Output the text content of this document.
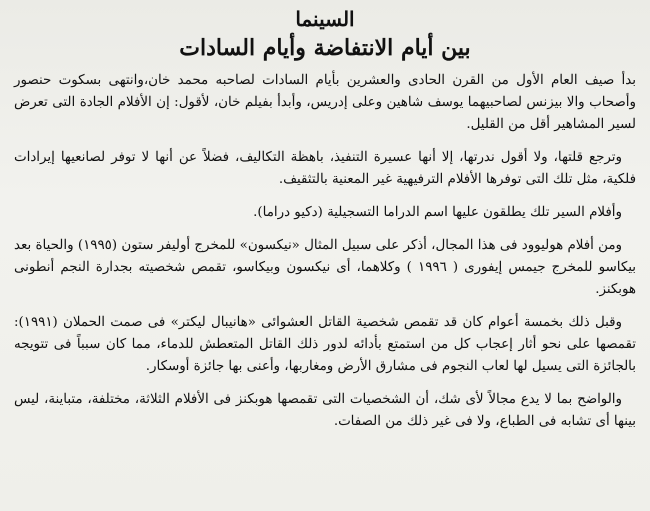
السينما
بين أيام الانتفاضة وأيام السادات

بدأ صيف العام الأول من القرن الحادى والعشرين بأيام السادات لصاحبه محمد خان،وانتهى بسكوت حنصور وأصحاب والا بيزنس لصاحبيهما يوسف شاهين وعلى إدريس، وأبدأ بفيلم خان، لأقول: إن الأفلام الجادة التى تعرض لسير المشاهير أقل من القليل.

وترجع قلتها، ولا أقول ندرتها، إلا أنها عسيرة التنفيذ، باهظة التكاليف، فضلاً عن أنها لا توفر لصانعيها إيرادات فلكية، مثل تلك التى توفرها الأفلام الترفيهية غير المعنية بالتثقيف.

وأفلام السير تلك يطلقون عليها اسم الدراما التسجيلية (دكيو دراما).

ومن أفلام هوليوود فى هذا المجال، أذكر على سبيل المثال «نيكسون» للمخرج أوليفر ستون (١٩٩٥) والحياة بعد بيكاسو للمخرج جيمس إيفورى ( ١٩٩٦ ) وكلاهما، أى نيكسون وبيكاسو، تقمص شخصيته بجدارة النجم أنطونى هوبكنز.

وقبل ذلك بخمسة أعوام كان قد تقمص شخصية القاتل العشوائى «هانيبال ليكتر» فى صمت الحملان (١٩٩١): تقمصها على نحو أثار إعجاب كل من استمتع بأدائه لدور ذلك القاتل المتعطش للدماء، مما كان سبباً فى تتويجه بالجائزة التى يسيل لها لعاب النجوم فى مشارق الأرض ومغاربها، وأعنى بها جائزة أوسكار.

والواضح بما لا يدع مجالاً لأى شك، أن الشخصيات التى تقمصها هوبكنز فى الأفلام الثلاثة، مختلفة، متباينة، ليس بينها أى تشابه فى الطباع، ولا فى غير ذلك من الصفات.
